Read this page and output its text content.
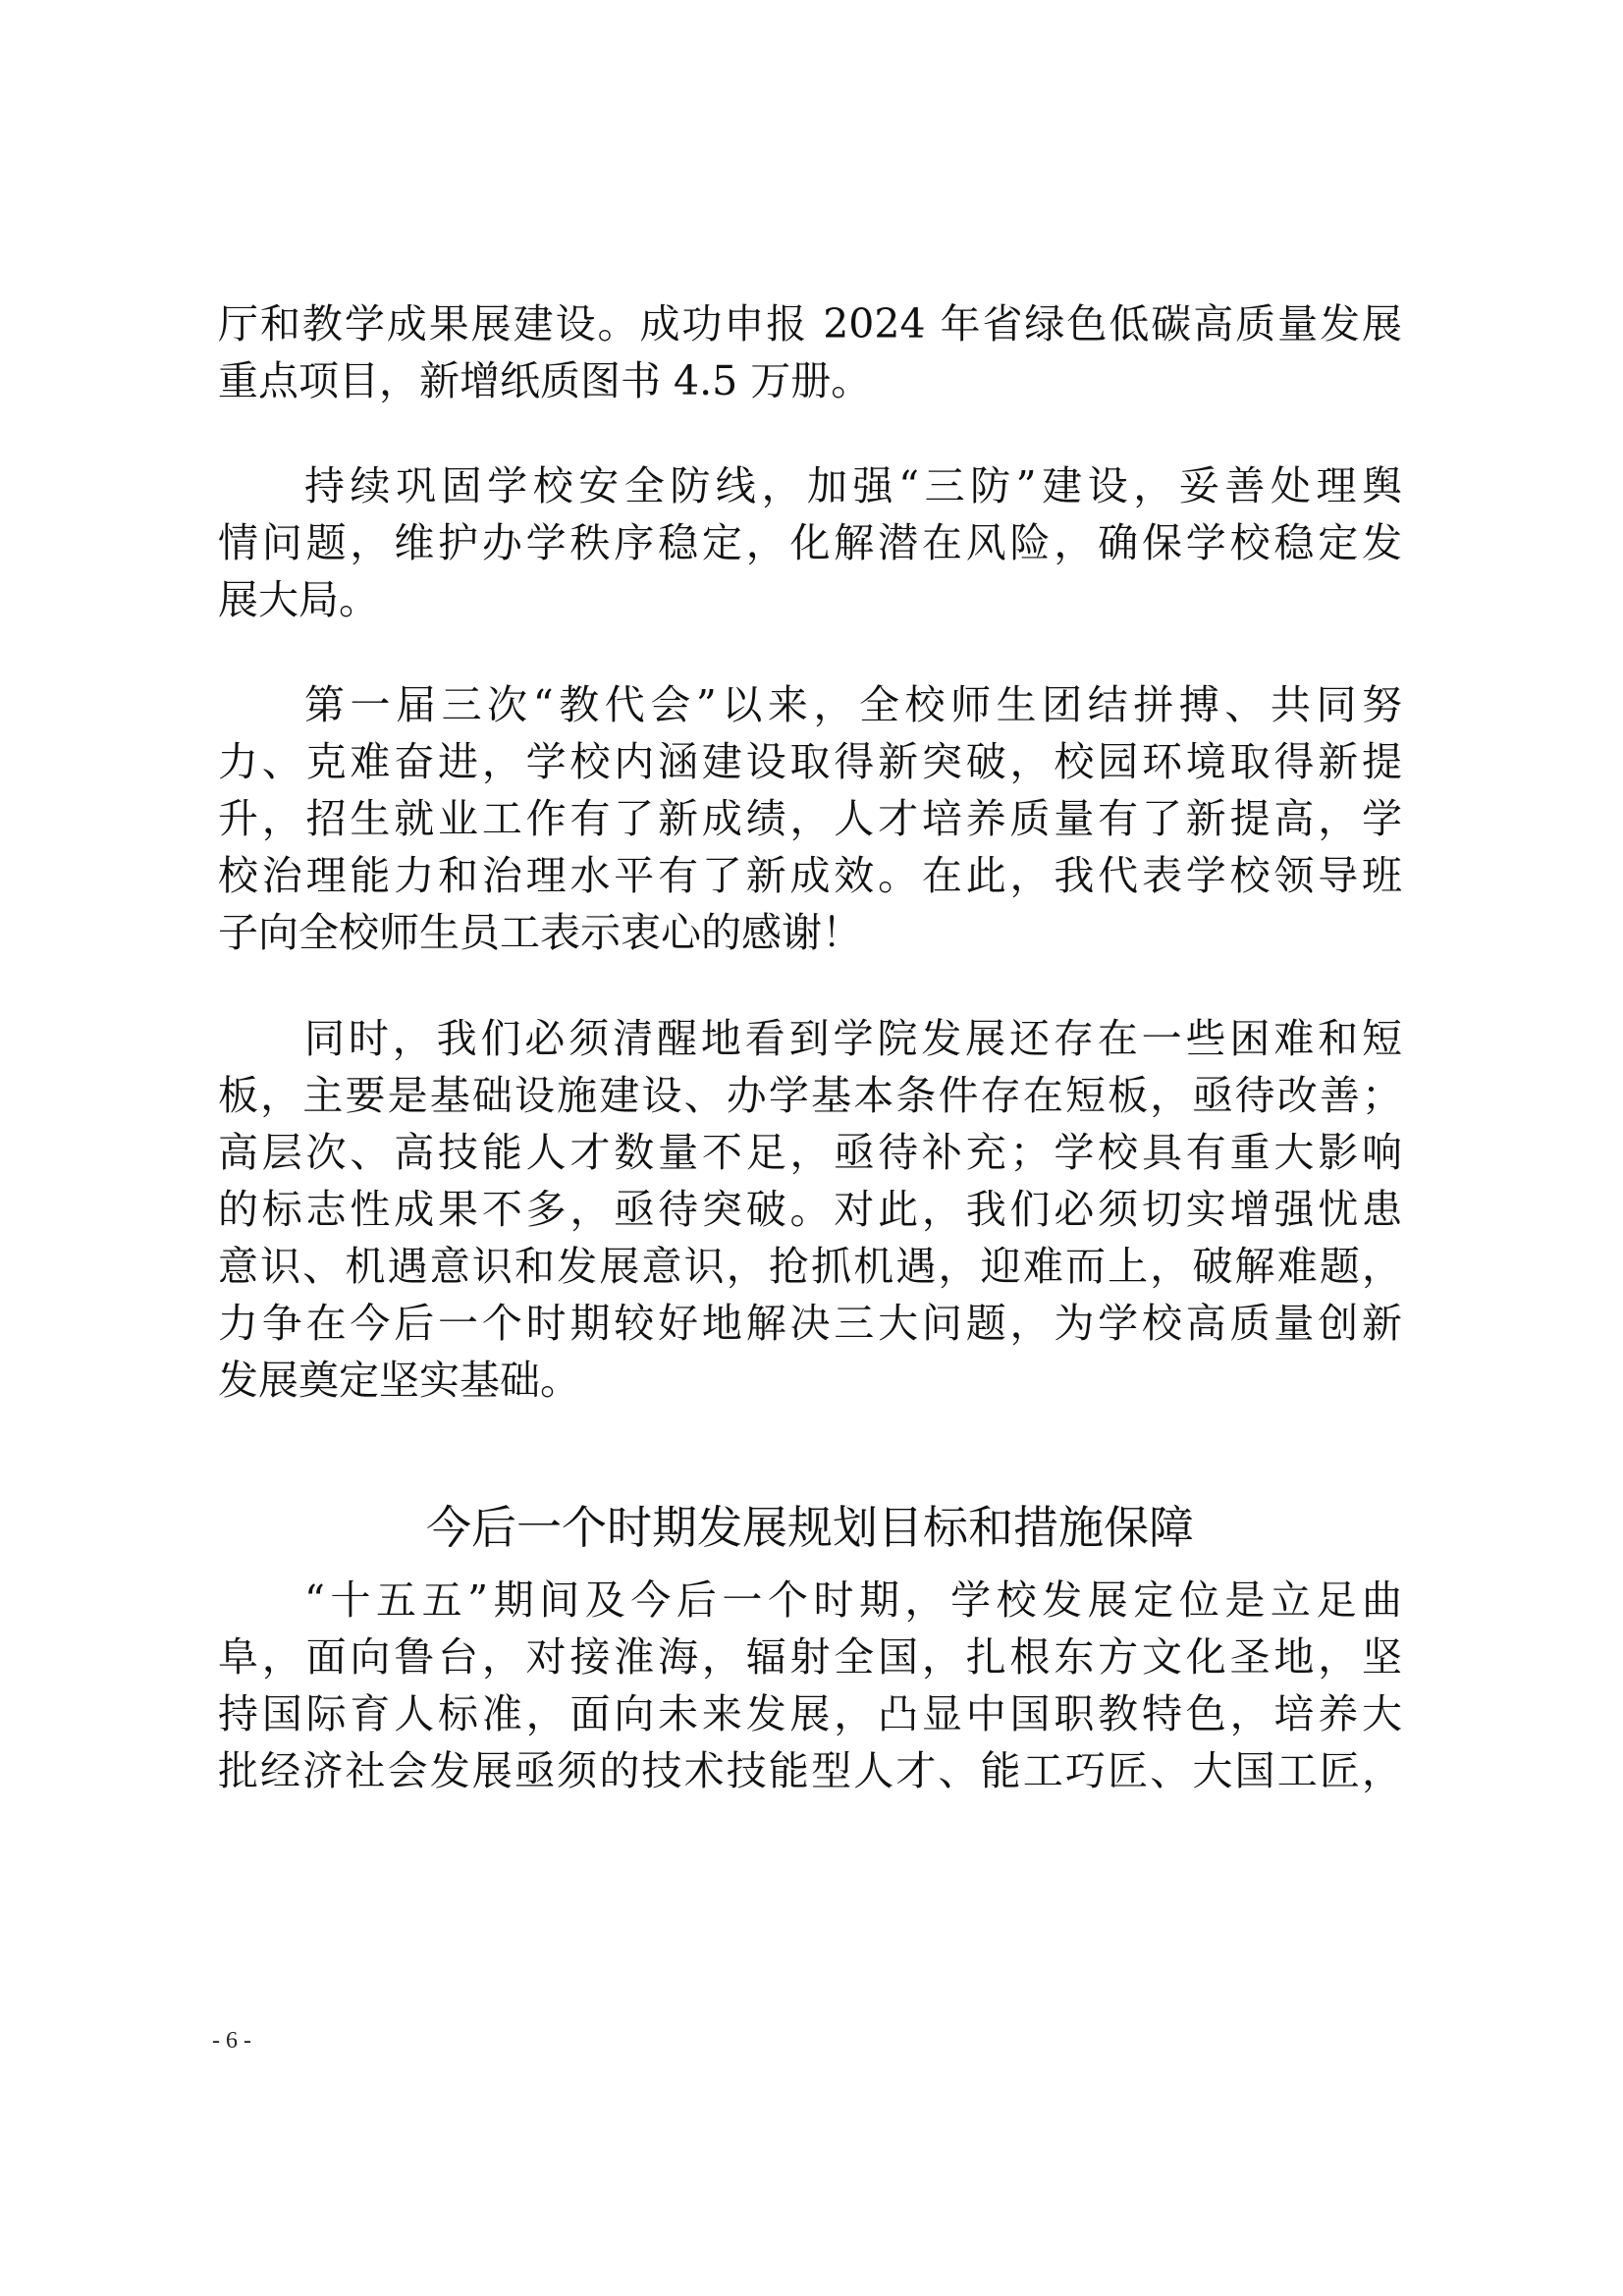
厅和教学成果展建设。成功申报 2024 年省绿色低碳高质量发展
重点项目，新增纸质图书 4.5 万册。
持续巩固学校安全防线，加强“三防”建设，妥善处理舆
情问题，维护办学秩序稳定，化解潜在风险，确保学校稳定发
展大局。
第一届三次“教代会”以来，全校师生团结拼搏、共同努
力、克难奋进，学校内涵建设取得新突破，校园环境取得新提
升，招生就业工作有了新成绩，人才培养质量有了新提高，学
校治理能力和治理水平有了新成效。在此，我代表学校领导班
子向全校师生员工表示衷心的感谢！
同时，我们必须清醒地看到学院发展还存在一些困难和短
板，主要是基础设施建设、办学基本条件存在短板，亟待改善；
高层次、高技能人才数量不足，亟待补充；学校具有重大影响
的标志性成果不多，亟待突破。对此，我们必须切实增强忧患
意识、机遇意识和发展意识，抢抓机遇，迎难而上，破解难题，
力争在今后一个时期较好地解决三大问题，为学校高质量创新
发展奠定坚实基础。
今后一个时期发展规划目标和措施保障
“十五五”期间及今后一个时期，学校发展定位是立足曲
阜，面向鲁台，对接淮海，辐射全国，扎根东方文化圣地，坚
持国际育人标准，面向未来发展，凸显中国职教特色，培养大
批经济社会发展亟须的技术技能型人才、能工巧匠、大国工匠，
- 6 -
